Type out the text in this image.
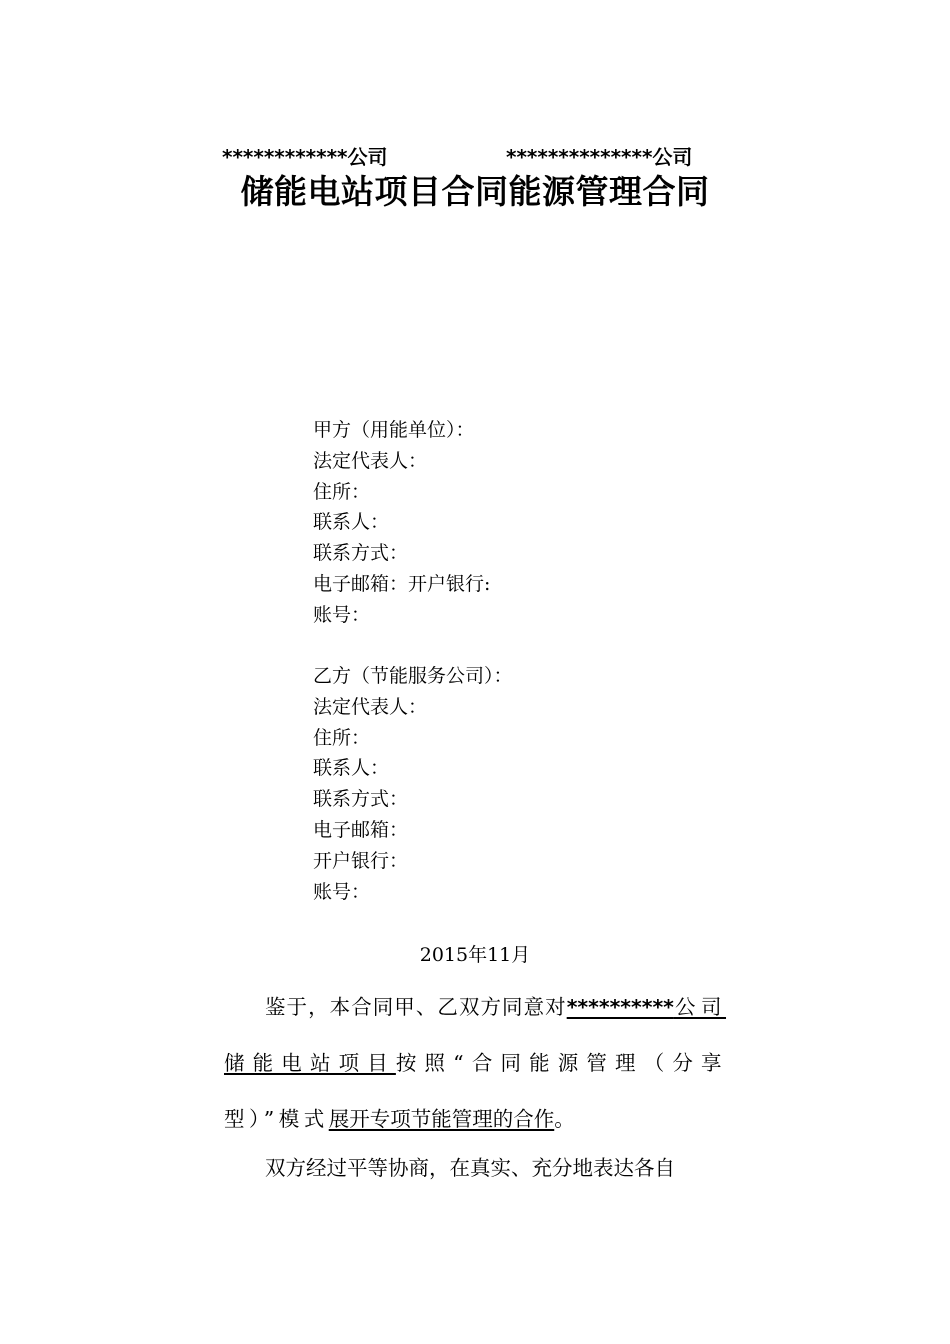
************公司	**************公司
储能电站项目合同能源管理合同
甲方（用能单位）：
法定代表人：
住所：
联系人：
联系方式：
电子邮箱：开户银行:
账号：
乙方（节能服务公司）：
法定代表人：
住所：
联系人：
联系方式：
电子邮箱：
开户银行：
账号：
2015年11月
鉴于，本合同甲、乙双方同意对**********公司储能电站项目按照“合同能源管理（分享型）”模式展开专项节能管理的合作。
双方经过平等协商，在真实、充分地表达各自
